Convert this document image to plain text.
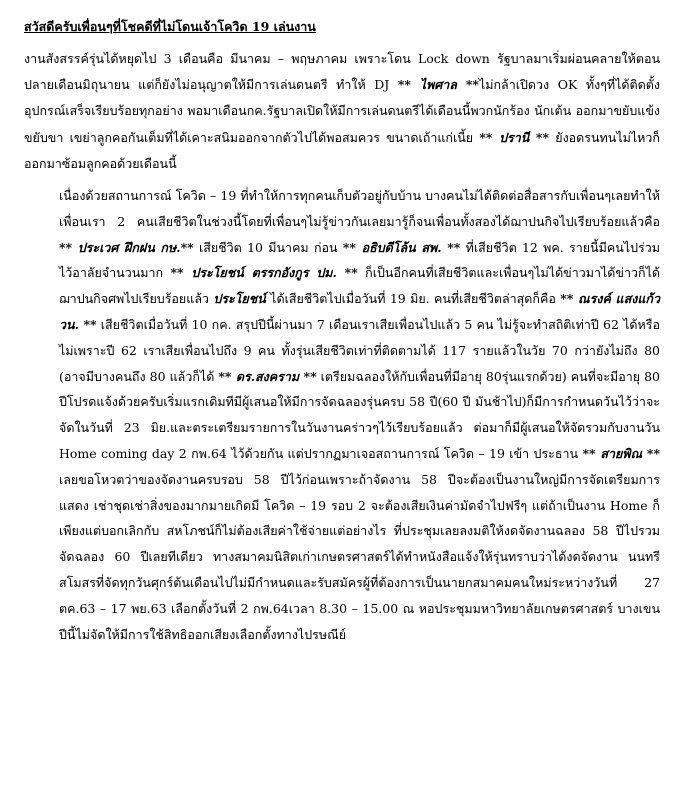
สวัสดีครับเพื่อนๆที่โชคดีที่ไม่โดนเจ้าโควิด 19 เล่นงาน

งานสังสรรค์รุ่นได้หยุดไป 3 เดือนคือ มีนาคม – พฤษภาคม เพราะโดน Lock down รัฐบาลมาเริ่มผ่อนคลายให้ตอนปลายเดือนมิถุนายน แต่ก็ยังไม่อนุญาตให้มีการเล่นดนตรี ทำให้ DJ ** ไพศาล **ไม่กล้าเปิดวง OK ทั้งๆที่ได้ติดตั้งอุปกรณ์เสร็จเรียบร้อยทุกอย่าง พอมาเดือนกค.รัฐบาลเปิดให้มีการเล่นดนตรีได้เดือนนี้พวกนักร้อง นักเต้น ออกมาขยับแข้ง ขยับขา เขย่าลูกคอกันเต็มที่ได้เคาะสนิมออกจากตัวไปได้พอสมควร ขนาดเถ้าแก่เนี้ย ** ปรานี ** ยังอดรนทนไม่ไหวก็ออกมาซ้อมลูกคอด้วยเดือนนี้

เนื่องด้วยสถานการณ์ โควิด – 19 ที่ทำให้การทุกคนเก็บตัวอยู่กับบ้าน บางคนไม่ได้ติดต่อสื่อสารกับเพื่อนๆเลยทำให้เพื่อนเรา 2 คนเสียชีวิตในช่วงนี้โดยที่เพื่อนๆไม่รู้ข่าวกันเลยมารู้ก็จนเพื่อนทั้งสองได้ฌาปนกิจไปเรียบร้อยแล้วคือ ** ประเวศ ฝึกฝน กษ.** เสียชีวิต 10 มีนาคม ก่อน ** อธิบดีโล้น สพ. ** ที่เสียชีวิต 12 พค. รายนี้มีคนไปร่วมไว้อาลัยจำนวนมาก ** ประโยชน์ ตรรกอังกูร ปม. ** ก็เป็นอีกคนที่เสียชีวิตและเพื่อนๆไม่ได้ข่าวมาได้ข่าวก็ได้ฌาปนกิจศพไปเรียบร้อยแล้ว ประโยชน์ ได้เสียชีวิตไปเมื่อวันที่ 19 มิย. คนที่เสียชีวิตล่าสุดก็คือ ** ณรงค์ แสงแก้ว วน. ** เสียชีวิตเมื่อวันที่ 10 กค. สรุปปีนี้ผ่านมา 7 เดือนเราเสียเพื่อนไปแล้ว 5 คน ไม่รู้จะทำสถิติเท่าปี 62 ได้หรือไม่เพราะปี 62 เราเสียเพื่อนไปถึง 9 คน ทั้งรุ่นเสียชีวิตเท่าที่ติดตามได้ 117 รายแล้วในวัย 70 กว่ายังไม่ถึง 80 (อาจมีบางคนถึง 80 แล้วก็ได้ ** ดร.สงคราม ** เตรียมฉลองให้กับเพื่อนที่มีอายุ 80รุ่นแรกด้วย) คนที่จะมีอายุ 80 ปีโปรดแจ้งด้วยครับเริ่มแรกเดิมทีมีผู้เสนอให้มีการจัดฉลองรุ่นครบ 58 ปี(60 ปี มันช้าไป)ก็มีการกำหนดวันไว้ว่าจะจัดในวันที่ 23 มิย.และตระเตรียมรายการในวันงานคร่าวๆไว้เรียบร้อยแล้ว ต่อมาก็มีผู้เสนอให้จัดรวมกับงานวัน Home coming day 2 กพ.64 ไว้ด้วยกัน แต่ปรากฏมาเจอสถานการณ์ โควิด – 19 เข้า ประธาน ** สายพิณ ** เลยขอโหวตว่าของจัดงานครบรอบ 58 ปีไว้ก่อนเพราะถ้าจัดงาน 58 ปีจะต้องเป็นงานใหญ่มีการจัดเตรียมการแสดง เช่าชุดเช่าสิ่งของมากมายเกิดมี โควิด – 19 รอบ 2 จะต้องเสียเงินค่ามัดจำไปฟรีๆ แต่ถ้าเป็นงาน Home ก็เพียงแต่บอกเลิกกับ สหโภชน์ก็ไม่ต้องเสียค่าใช้จ่ายแต่อย่างไร ที่ประชุมเลยลงมติให้งดจัดงานฉลอง 58 ปีไปรวมจัดฉลอง 60 ปีเลยทีเดียว ทางสมาคมนิสิตเก่าเกษตรศาสตร์ได้ทำหนังสือแจ้งให้รุ่นทราบว่าได้งดจัดงาน นนทรีสโมสรที่จัดทุกวันศุกร์ต้นเดือนไปไม่มีกำหนดและรับสมัครผู้ที่ต้องการเป็นนายกสมาคมคนใหม่ระหว่างวันที่ 27 ตค.63 – 17 พย.63 เลือกตั้งวันที่ 2 กพ.64เวลา 8.30 – 15.00 ณ หอประชุมมหาวิทยาลัยเกษตรศาสตร์ บางเขน ปีนี้ไม่จัดให้มีการใช้สิทธิออกเสียงเลือกตั้งทางไปรษณีย์
